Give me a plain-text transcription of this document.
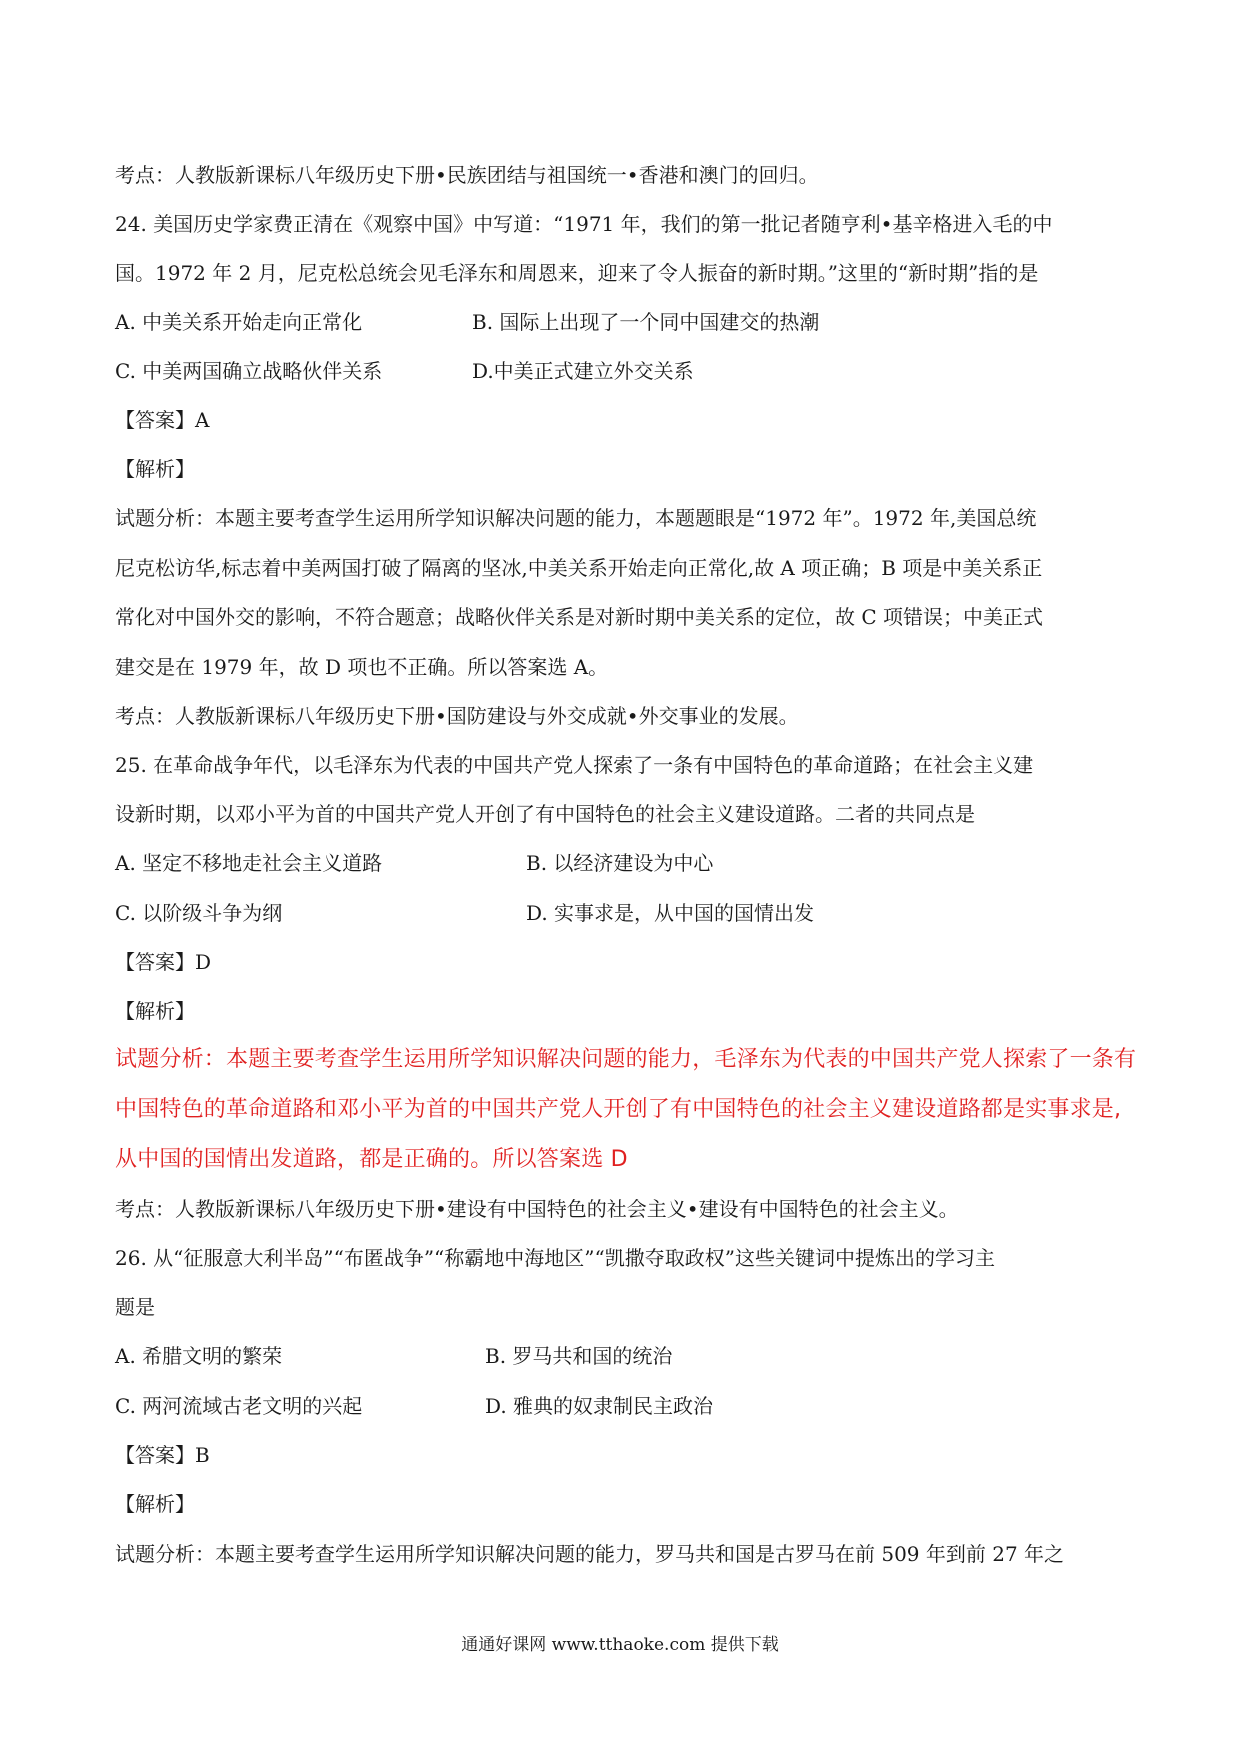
考点：人教版新课标八年级历史下册•民族团结与祖国统一•香港和澳门的回归。
24. 美国历史学家费正清在《观察中国》中写道：“1971 年，我们的第一批记者随亨利•基辛格进入毛的中
国。1972 年 2 月，尼克松总统会见毛泽东和周恩来，迎来了令人振奋的新时期。”这里的“新时期”指的是
A. 中美关系开始走向正常化	B. 国际上出现了一个同中国建交的热潮
C. 中美两国确立战略伙伴关系	D.中美正式建立外交关系
【答案】A
【解析】
试题分析：本题主要考查学生运用所学知识解决问题的能力，本题题眼是“1972 年”。1972 年,美国总统
尼克松访华,标志着中美两国打破了隔离的坚冰,中美关系开始走向正常化,故 A 项正确；B 项是中美关系正
常化对中国外交的影响，不符合题意；战略伙伴关系是对新时期中美关系的定位，故 C 项错误；中美正式
建交是在 1979 年，故 D 项也不正确。所以答案选 A。
考点：人教版新课标八年级历史下册•国防建设与外交成就•外交事业的发展。
25. 在革命战争年代，以毛泽东为代表的中国共产党人探索了一条有中国特色的革命道路；在社会主义建
设新时期，以邓小平为首的中国共产党人开创了有中国特色的社会主义建设道路。二者的共同点是
A. 坚定不移地走社会主义道路	B. 以经济建设为中心
C. 以阶级斗争为纲	D. 实事求是，从中国的国情出发
【答案】D
【解析】
试题分析：本题主要考查学生运用所学知识解决问题的能力，毛泽东为代表的中国共产党人探索了一条有
中国特色的革命道路和邓小平为首的中国共产党人开创了有中国特色的社会主义建设道路都是实事求是,
从中国的国情出发道路，都是正确的。所以答案选 D
考点：人教版新课标八年级历史下册•建设有中国特色的社会主义•建设有中国特色的社会主义。
26. 从“征服意大利半岛”“布匿战争”“称霸地中海地区”“凯撒夺取政权”这些关键词中提炼出的学习主
题是
A. 希腊文明的繁荣	B. 罗马共和国的统治
C. 两河流域古老文明的兴起	D. 雅典的奴隶制民主政治
【答案】B
【解析】
试题分析：本题主要考查学生运用所学知识解决问题的能力，罗马共和国是古罗马在前 509 年到前 27 年之
通通好课网 www.tthaoke.com 提供下载
